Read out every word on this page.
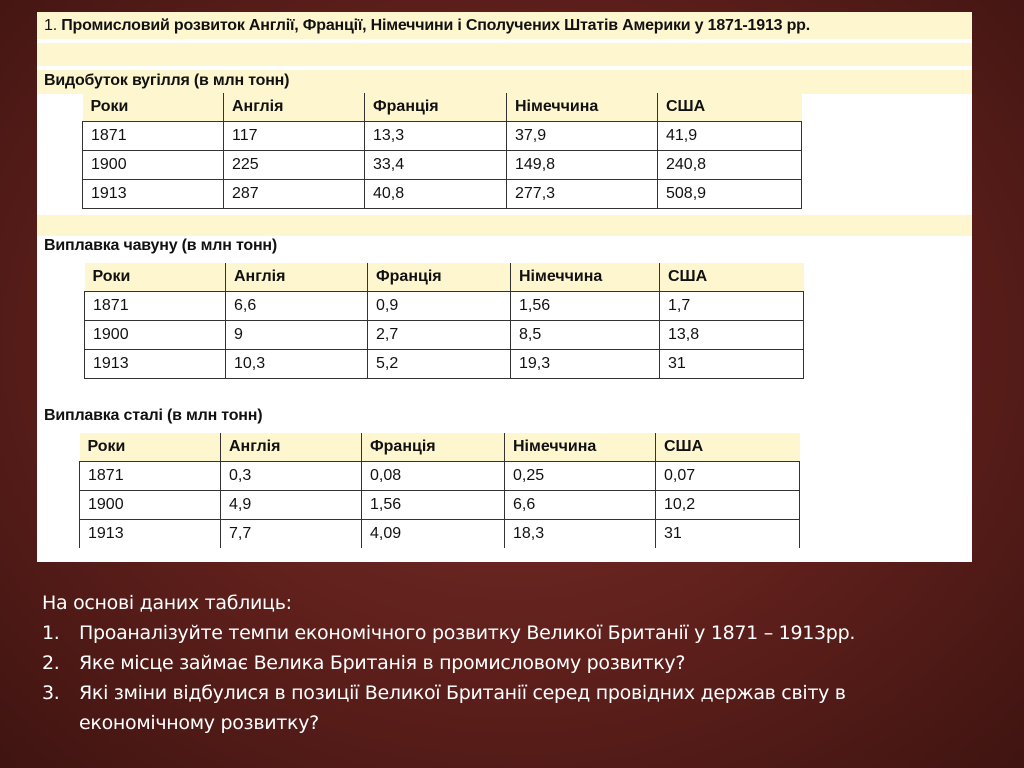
1. Промисловий розвиток Англії, Франції, Німеччини і Сполучених Штатів Америки у 1871-1913 рр.
Видобуток вугілля (в млн тонн)
Роки	Англія	Франція	Німеччина	США
1871	117	13,3	37,9	41,9
1900	225	33,4	149,8	240,8
1913	287	40,8	277,3	508,9
Виплавка чавуну (в млн тонн)
Роки	Англія	Франція	Німеччина	США
1871	6,6	0,9	1,56	1,7
1900	9	2,7	8,5	13,8
1913	10,3	5,2	19,3	31
Виплавка сталі (в млн тонн)
Роки	Англія	Франція	Німеччина	США
1871	0,3	0,08	0,25	0,07
1900	4,9	1,56	6,6	10,2
1913	7,7	4,09	18,3	31

На основі даних таблиць:

1. Проаналізуйте темпи економічного розвитку Великої Британії у 1871 – 1913рр.
2. Яке місце займає Велика Британія в промисловому розвитку?
3. Які зміни відбулися в позиції Великої Британії серед провідних держав світу в економічному розвитку?
